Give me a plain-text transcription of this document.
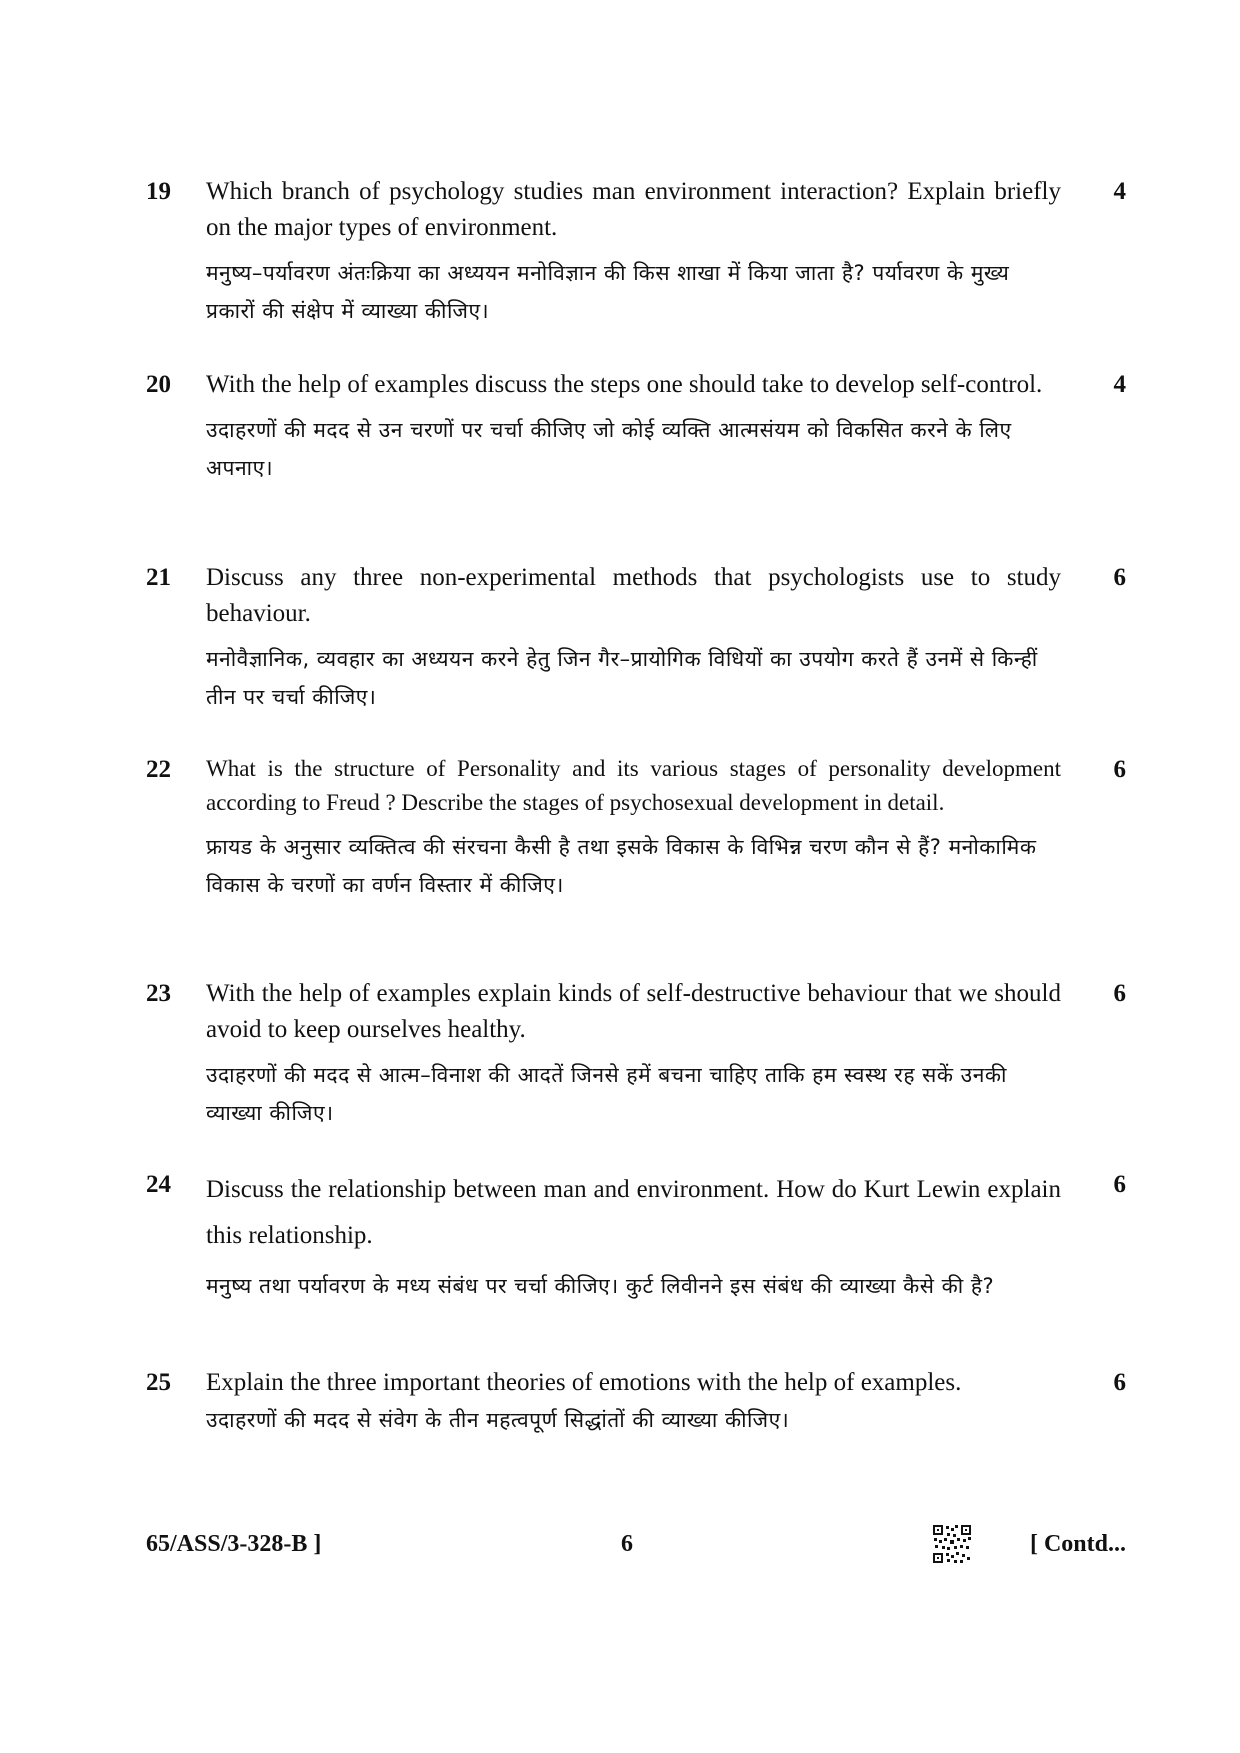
19 Which branch of psychology studies man environment interaction? Explain briefly on the major types of environment.

मनुष्य–पर्यावरण अंतःक्रिया का अध्ययन मनोविज्ञान की किस शाखा में किया जाता है? पर्यावरण के मुख्य प्रकारों की संक्षेप में व्याख्या कीजिए।

4
20 With the help of examples discuss the steps one should take to develop self-control.

उदाहरणों की मदद से उन चरणों पर चर्चा कीजिए जो कोई व्यक्ति आत्मसंयम को विकसित करने के लिए अपनाए।

4
21 Discuss any three non-experimental methods that psychologists use to study behaviour.

मनोवैज्ञानिक, व्यवहार का अध्ययन करने हेतु जिन गैर–प्रायोगिक विधियों का उपयोग करते हैं उनमें से किन्हीं तीन पर चर्चा कीजिए।

6
22 What is the structure of Personality and its various stages of personality development according to Freud ? Describe the stages of psychosexual development in detail.

फ्रायड के अनुसार व्यक्तित्व की संरचना कैसी है तथा इसके विकास के विभिन्न चरण कौन से हैं? मनोकामिक विकास के चरणों का वर्णन विस्तार में कीजिए।

6
23 With the help of examples explain kinds of self-destructive behaviour that we should avoid to keep ourselves healthy.

उदाहरणों की मदद से आत्म–विनाश की आदतें जिनसे हमें बचना चाहिए ताकि हम स्वस्थ रह सकें उनकी व्याख्या कीजिए।

6
24 Discuss the relationship between man and environment. How do Kurt Lewin explain this relationship.

मनुष्य तथा पर्यावरण के मध्य संबंध पर चर्चा कीजिए। कुर्ट लिवीनने इस संबंध की व्याख्या कैसे की है?

6
25 Explain the three important theories of emotions with the help of examples.

उदाहरणों की मदद से संवेग के तीन महत्वपूर्ण सिद्धांतों की व्याख्या कीजिए।

6
65/ASS/3-328-B ]	6	[ Contd...
